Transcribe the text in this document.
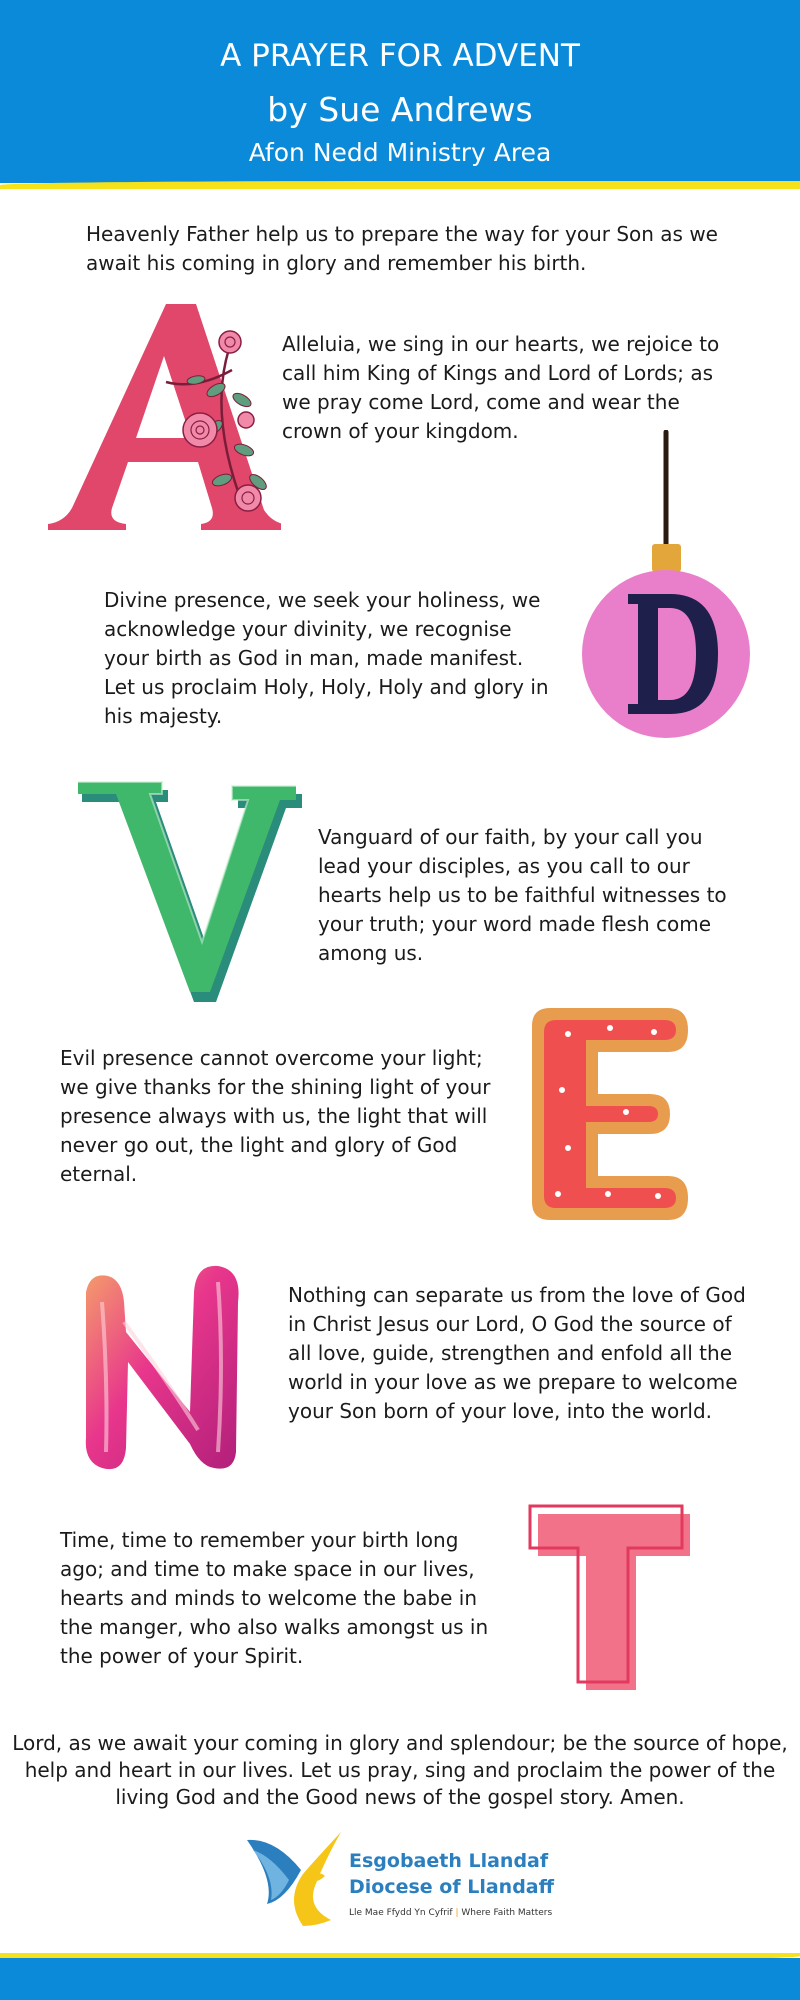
A PRAYER FOR ADVENT
by Sue Andrews
Afon Nedd Ministry Area
Heavenly Father help us to prepare the way for your Son as we await his coming in glory and remember his birth.
Alleluia, we sing in our hearts, we rejoice to call him King of Kings and Lord of Lords; as we pray come Lord, come and wear the crown of your kingdom.
Divine presence, we seek your holiness, we acknowledge your divinity, we recognise your birth as God in man, made manifest. Let us proclaim Holy, Holy, Holy and glory in his majesty.
Vanguard of our faith, by your call you lead your disciples, as you call to our hearts help us to be faithful witnesses to your truth; your word made flesh come among us.
Evil presence cannot overcome your light; we give thanks for the shining light of your presence always with us, the light that will never go out, the light and glory of God eternal.
Nothing can separate us from the love of God in Christ Jesus our Lord, O God the source of all love, guide, strengthen and enfold all the world in your love as we prepare to welcome your Son born of your love, into the world.
Time, time to remember your birth long ago; and time to make space in our lives, hearts and minds to welcome the babe in the manger, who also walks amongst us in the power of your Spirit.
Lord, as we await your coming in glory and splendour; be the source of hope, help and heart in our lives. Let us pray, sing and proclaim the power of the living God and the Good news of the gospel story. Amen.
Esgobaeth Llandaf
Diocese of Llandaff
Lle Mae Ffydd Yn Cyfrif | Where Faith Matters
